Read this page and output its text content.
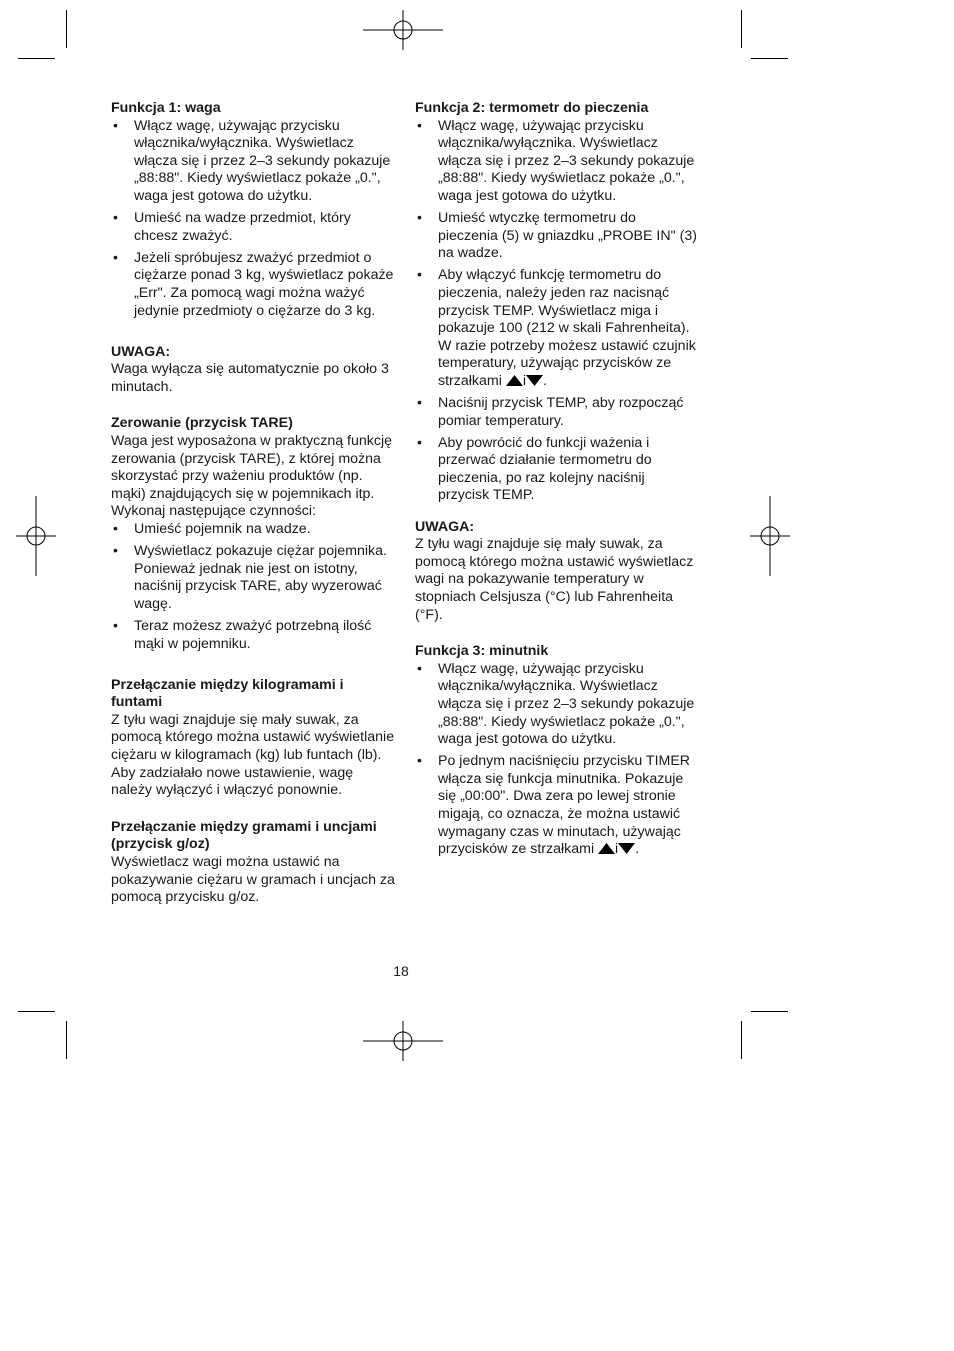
Funkcja 1: waga

• Włącz wagę, używając przycisku włącznika/wyłącznika. Wyświetlacz włącza się i przez 2–3 sekundy pokazuje „88:88". Kiedy wyświetlacz pokaże „0.", waga jest gotowa do użytku.
• Umieść na wadze przedmiot, który chcesz zważyć.
• Jeżeli spróbujesz zważyć przedmiot o ciężarze ponad 3 kg, wyświetlacz pokaże „Err". Za pomocą wagi można ważyć jedynie przedmioty o ciężarze do 3 kg.

UWAGA:

Waga wyłącza się automatycznie po około 3 minutach.

Zerowanie (przycisk TARE)

Waga jest wyposażona w praktyczną funkcję zerowania (przycisk TARE), z której można skorzystać przy ważeniu produktów (np. mąki) znajdujących się w pojemnikach itp. Wykonaj następujące czynności:

• Umieść pojemnik na wadze.
• Wyświetlacz pokazuje ciężar pojemnika. Ponieważ jednak nie jest on istotny, naciśnij przycisk TARE, aby wyzerować wagę.
• Teraz możesz zważyć potrzebną ilość mąki w pojemniku.

Przełączanie między kilogramami i funtami

Z tyłu wagi znajduje się mały suwak, za pomocą którego można ustawić wyświetlanie ciężaru w kilogramach (kg) lub funtach (lb). Aby zadziałało nowe ustawienie, wagę należy wyłączyć i włączyć ponownie.

Przełączanie między gramami i uncjami (przycisk g/oz)

Wyświetlacz wagi można ustawić na pokazywanie ciężaru w gramach i uncjach za pomocą przycisku g/oz.

Funkcja 2: termometr do pieczenia

• Włącz wagę, używając przycisku włącznika/wyłącznika. Wyświetlacz włącza się i przez 2–3 sekundy pokazuje „88:88". Kiedy wyświetlacz pokaże „0.", waga jest gotowa do użytku.
• Umieść wtyczkę termometru do pieczenia (5) w gniazdku „PROBE IN" (3) na wadze.
• Aby włączyć funkcję termometru do pieczenia, należy jeden raz nacisnąć przycisk TEMP. Wyświetlacz miga i pokazuje 100 (212 w skali Fahrenheita). W razie potrzeby możesz ustawić czujnik temperatury, używając przycisków ze strzałkami i .
• Naciśnij przycisk TEMP, aby rozpocząć pomiar temperatury.
• Aby powrócić do funkcji ważenia i przerwać działanie termometru do pieczenia, po raz kolejny naciśnij przycisk TEMP.

UWAGA:

Z tyłu wagi znajduje się mały suwak, za pomocą którego można ustawić wyświetlacz wagi na pokazywanie temperatury w stopniach Celsjusza (°C) lub Fahrenheita (°F).

Funkcja 3: minutnik

• Włącz wagę, używając przycisku włącznika/wyłącznika. Wyświetlacz włącza się i przez 2–3 sekundy pokazuje „88:88". Kiedy wyświetlacz pokaże „0.", waga jest gotowa do użytku.
• Po jednym naciśnięciu przycisku TIMER włącza się funkcja minutnika. Pokazuje się „00:00". Dwa zera po lewej stronie migają, co oznacza, że można ustawić wymagany czas w minutach, używając przycisków ze strzałkami i .
18
